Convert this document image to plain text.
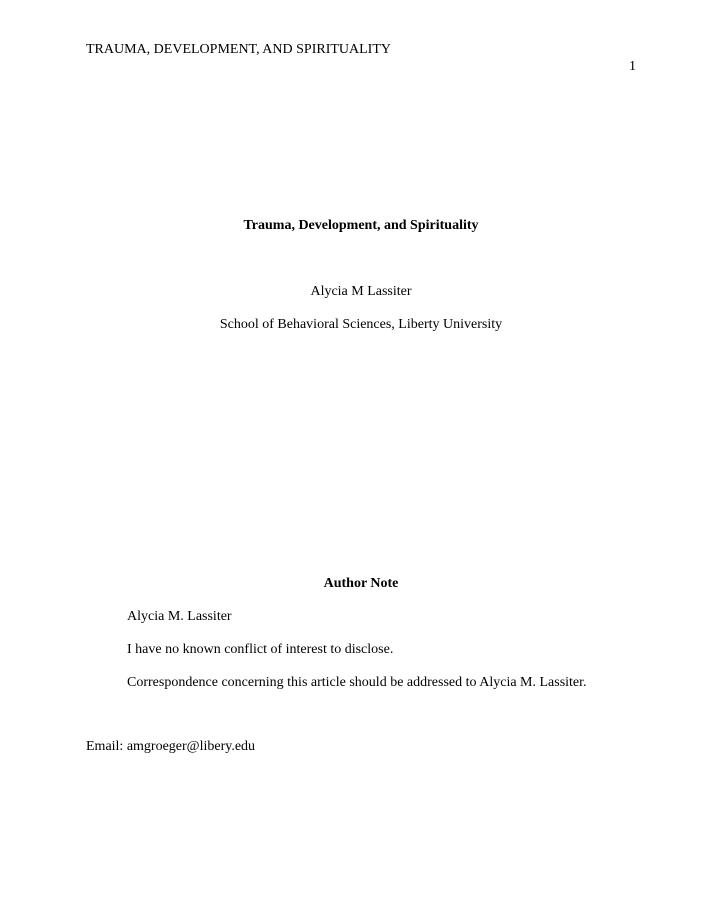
TRAUMA, DEVELOPMENT, AND SPIRITUALITY
1
Trauma, Development, and Spirituality
Alycia M Lassiter
School of Behavioral Sciences, Liberty University
Author Note
Alycia M. Lassiter
I have no known conflict of interest to disclose.
Correspondence concerning this article should be addressed to Alycia M. Lassiter.
Email: amgroeger@libery.edu
